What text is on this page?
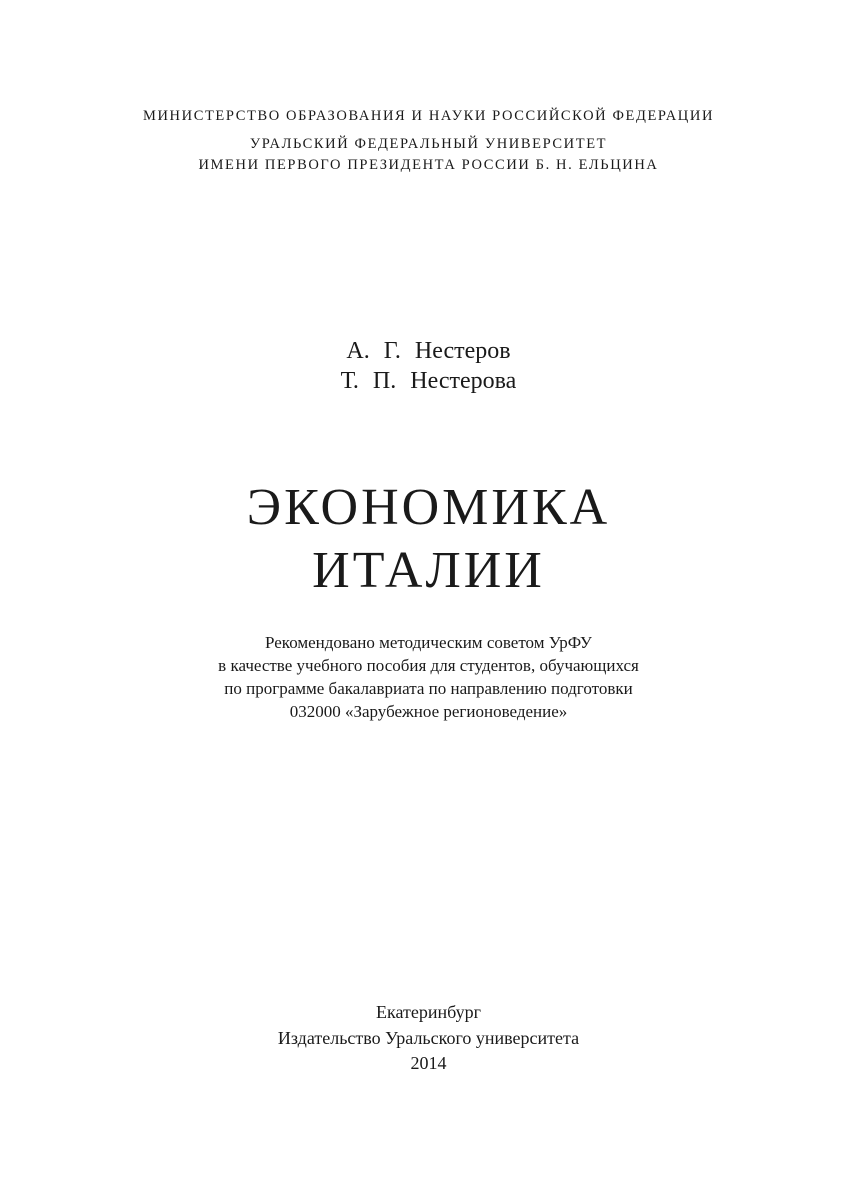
МИНИСТЕРСТВО ОБРАЗОВАНИЯ И НАУКИ РОССИЙСКОЙ ФЕДЕРАЦИИ
УРАЛЬСКИЙ ФЕДЕРАЛЬНЫЙ УНИВЕРСИТЕТ
ИМЕНИ ПЕРВОГО ПРЕЗИДЕНТА РОССИИ Б. Н. ЕЛЬЦИНА
А. Г. Нестеров
Т. П. Нестерова
ЭКОНОМИКА
ИТАЛИИ
Рекомендовано методическим советом УрФУ
в качестве учебного пособия для студентов, обучающихся
по программе бакалавриата по направлению подготовки
032000 «Зарубежное регионоведение»
Екатеринбург
Издательство Уральского университета
2014
